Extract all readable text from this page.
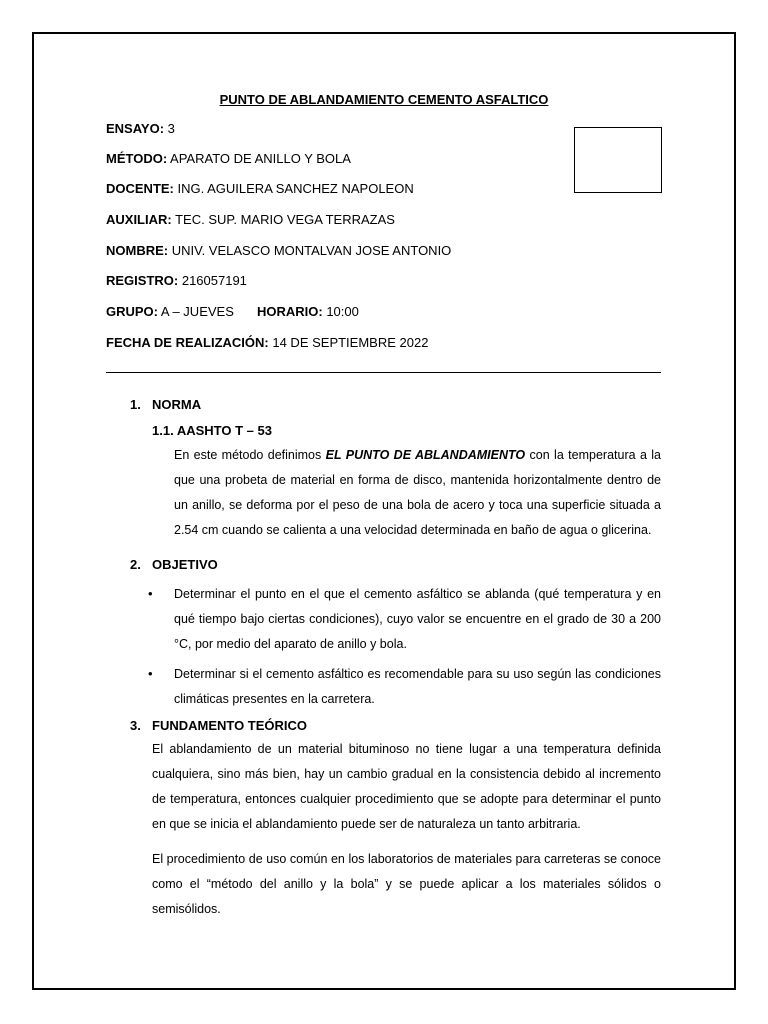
PUNTO DE ABLANDAMIENTO CEMENTO ASFALTICO
ENSAYO: 3
MÉTODO: APARATO DE ANILLO Y BOLA
DOCENTE: ING. AGUILERA SANCHEZ NAPOLEON
AUXILIAR: TEC. SUP. MARIO VEGA TERRAZAS
NOMBRE: UNIV. VELASCO MONTALVAN JOSE ANTONIO
REGISTRO: 216057191
GRUPO: A – JUEVES HORARIO: 10:00
FECHA DE REALIZACIÓN: 14 DE SEPTIEMBRE 2022
1. NORMA
1.1. AASHTO T – 53

En este método definimos EL PUNTO DE ABLANDAMIENTO con la temperatura a la que una probeta de material en forma de disco, mantenida horizontalmente dentro de un anillo, se deforma por el peso de una bola de acero y toca una superficie situada a 2.54 cm cuando se calienta a una velocidad determinada en baño de agua o glicerina.

2. OBJETIVO
• Determinar el punto en el que el cemento asfáltico se ablanda (qué temperatura y en qué tiempo bajo ciertas condiciones), cuyo valor se encuentre en el grado de 30 a 200 °C, por medio del aparato de anillo y bola.

• Determinar si el cemento asfáltico es recomendable para su uso según las condiciones climáticas presentes en la carretera.

3. FUNDAMENTO TEÓRICO

El ablandamiento de un material bituminoso no tiene lugar a una temperatura definida cualquiera, sino más bien, hay un cambio gradual en la consistencia debido al incremento de temperatura, entonces cualquier procedimiento que se adopte para determinar el punto en que se inicia el ablandamiento puede ser de naturaleza un tanto arbitraria.

El procedimiento de uso común en los laboratorios de materiales para carreteras se conoce como el “método del anillo y la bola” y se puede aplicar a los materiales sólidos o semisólidos.
